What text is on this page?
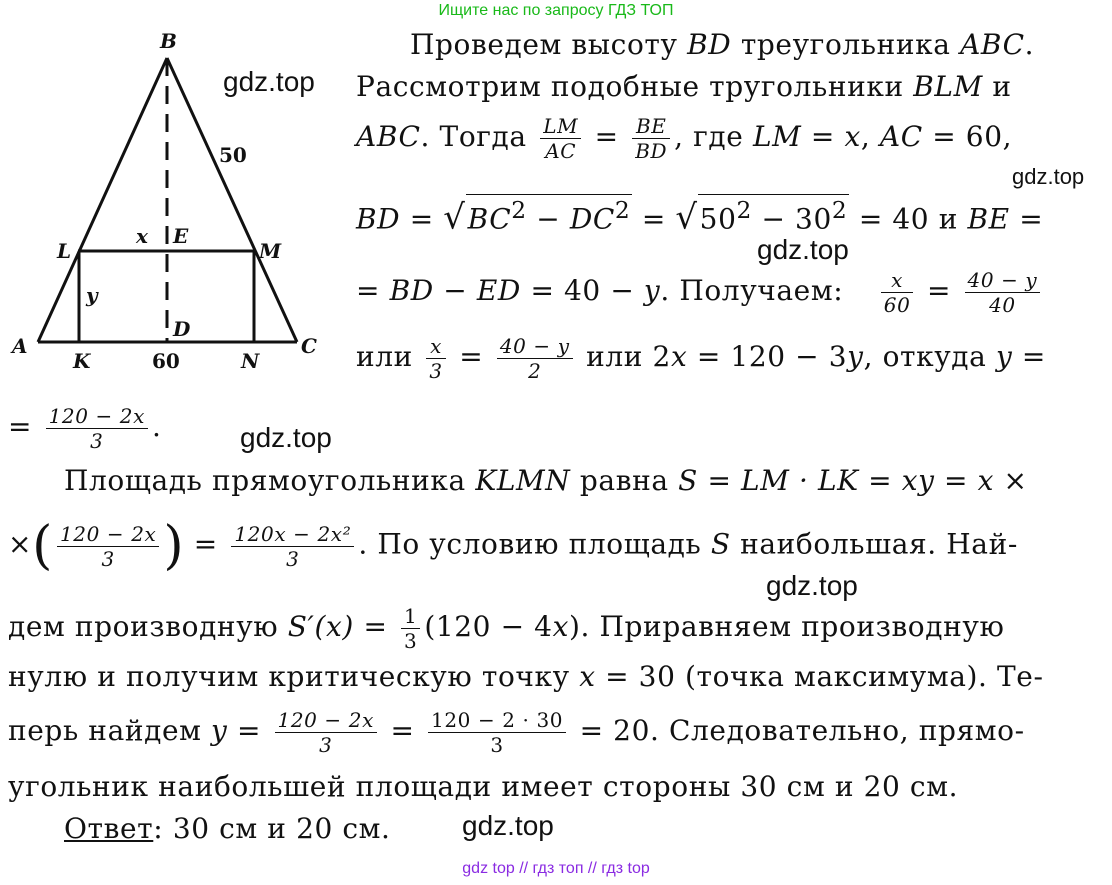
Ищите нас по запросу ГДЗ ТОП
B
L	M
A	C
K
D
N
E
x
y
50
60
gdz.top
gdz.top
gdz.top
gdz.top
gdz.top
gdz.top
Проведем высоту BD треугольника ABC.
Рассмотрим подобные тругольники BLM и
ABC. Тогда $\frac{LM}{AC} = \frac{BE}{BD}$ , где LM = x, AC = 60,
BD = $√BC^2 - DC^2 = √50^2 - 30^2 = 40$ и BE =
= BD − ED = 40 − y. Получаем: $\frac{x}{60} = \frac{40 - y}{40}$
или $\frac{x}{3} = \frac{40 - y}{2}$ или 2x = 120 − 3y, откуда y =
= $\frac{120 - 2x}{3}$ .
Площадь прямоугольника KLMN равна S = LM · LK = xy = x ×
×( $\frac{120 - 2x}{3}$ ) = $\frac{\text{120x − 2x²}}{3}$ . По условию площадь S наибольшая. Най-
дем производную $S'(x) = \frac{1}{3} (120 - 4x)$. Приравняем производную
нулю и получим критическую точку x = 30 (точка максимума). Те-
перь найдем $y = \frac{120 - 2x}{3} = \frac{120 - 2 \cdot 30}{3} = 20$. Следовательно, прямо-
угольник наибольшей площади имеет стороны 30 см и 20 см.
Ответ: 30 см и 20 см.
gdz top // гдз топ // гдз top
